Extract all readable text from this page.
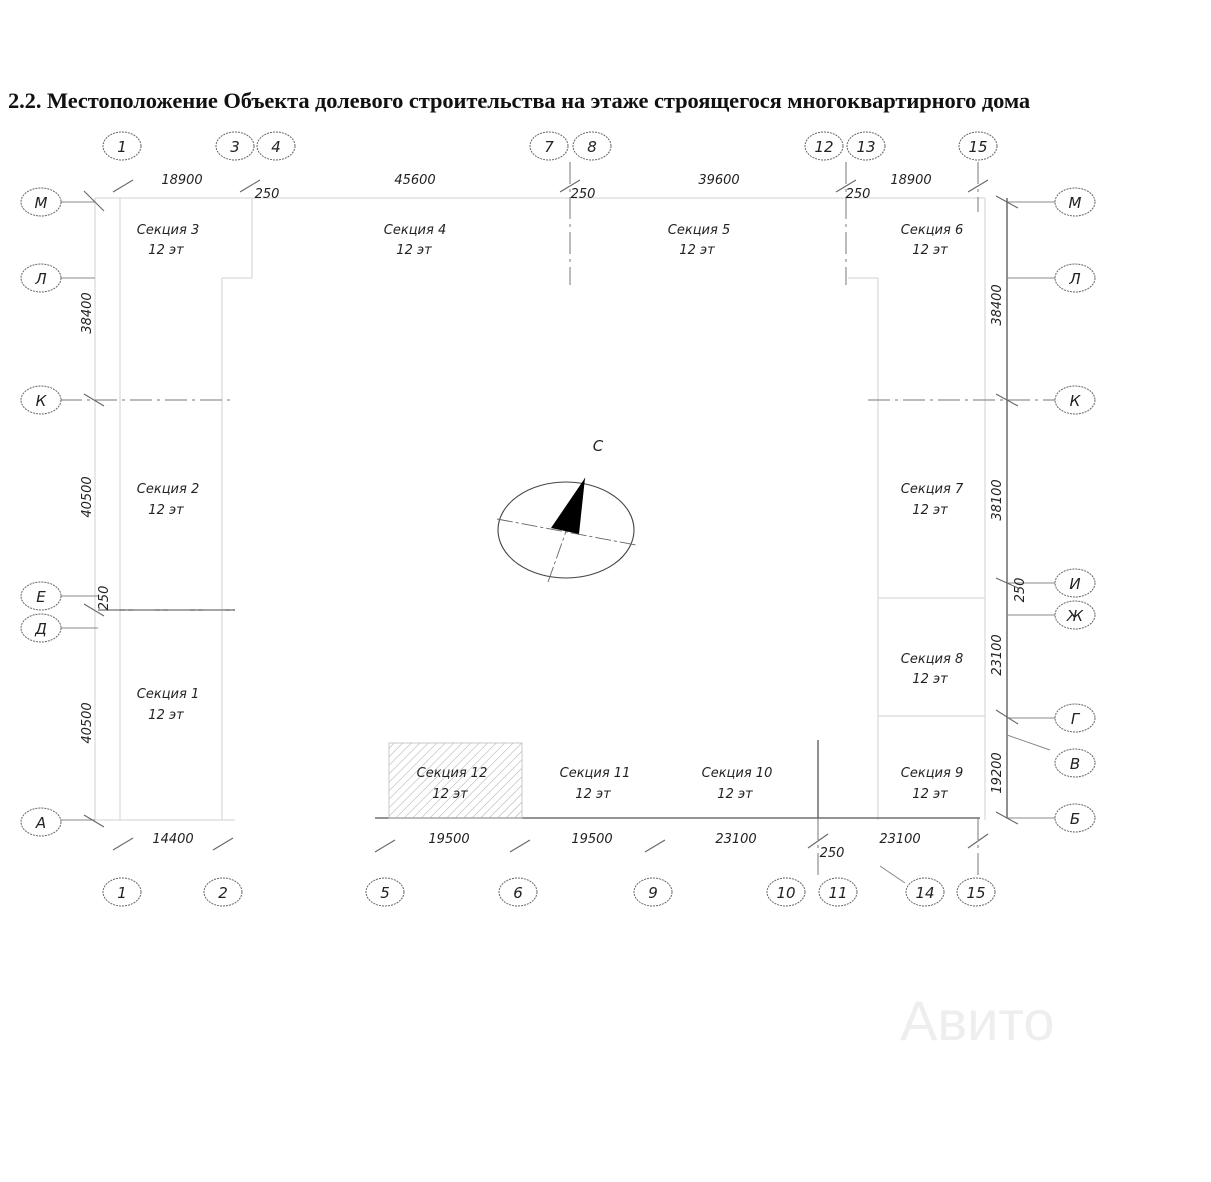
2.2. Местоположение Объекта долевого строительства на этаже строящегося многоквартирного дома
С
Секция 1
12 эт
Секция 2
12 эт
Секция 3
12 эт
Секция 4
12 эт
Секция 5
12 эт
Секция 6
12 эт
Секция 7
12 эт
Секция 8
12 эт
Секция 9
12 эт
Секция 10
12 эт
Секция 11
12 эт
Секция 12
12 эт
18900
250
45600
250
39600
250
18900
14400	19500	19500	23100
250
23100
38400
40500
250
40500
38400
38100
250
23100
19200
1	3 4	7 8	12 13	15
1	2	5	6	9	10 11	14 15
М
Л
К
Е
Д
А
М
Л
К
И
Ж
Г
В
Б
Авито
